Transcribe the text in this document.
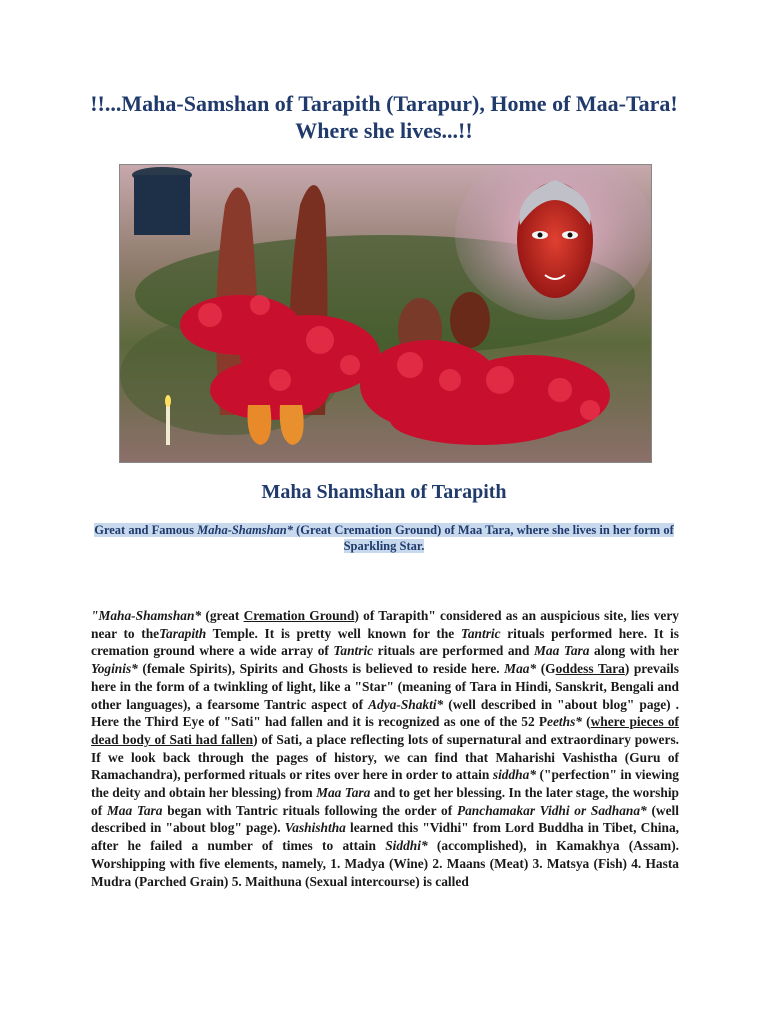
!!...Maha-Samshan of Tarapith (Tarapur), Home of Maa-Tara! Where she lives...!!
Maha Shamshan of Tarapith
Great and Famous Maha-Shamshan* (Great Cremation Ground) of Maa Tara, where she lives in her form of Sparkling Star.

"Maha-Shamshan* (great Cremation Ground) of Tarapith" considered as an auspicious site, lies very near to theTarapith Temple. It is pretty well known for the Tantric rituals performed here. It is cremation ground where a wide array of Tantric rituals are performed and Maa Tara along with her Yoginis* (female Spirits), Spirits and Ghosts is believed to reside here. Maa* (Goddess Tara) prevails here in the form of a twinkling of light, like a "Star" (meaning of Tara in Hindi, Sanskrit, Bengali and other languages), a fearsome Tantric aspect of Adya-Shakti* (well described in "about blog" page) . Here the Third Eye of "Sati" had fallen and it is recognized as one of the 52 Peeths* (where pieces of dead body of Sati had fallen) of Sati, a place reflecting lots of supernatural and extraordinary powers. If we look back through the pages of history, we can find that Maharishi Vashistha (Guru of Ramachandra), performed rituals or rites over here in order to attain siddha* ("perfection" in viewing the deity and obtain her blessing) from Maa Tara and to get her blessing. In the later stage, the worship of Maa Tara began with Tantric rituals following the order of Panchamakar Vidhi or Sadhana* (well described in "about blog" page). Vashishtha learned this "Vidhi" from Lord Buddha in Tibet, China, after he failed a number of times to attain Siddhi* (accomplished), in Kamakhya (Assam). Worshipping with five elements, namely, 1. Madya (Wine) 2. Maans (Meat) 3. Matsya (Fish) 4. Hasta Mudra (Parched Grain) 5. Maithuna (Sexual intercourse) is called
